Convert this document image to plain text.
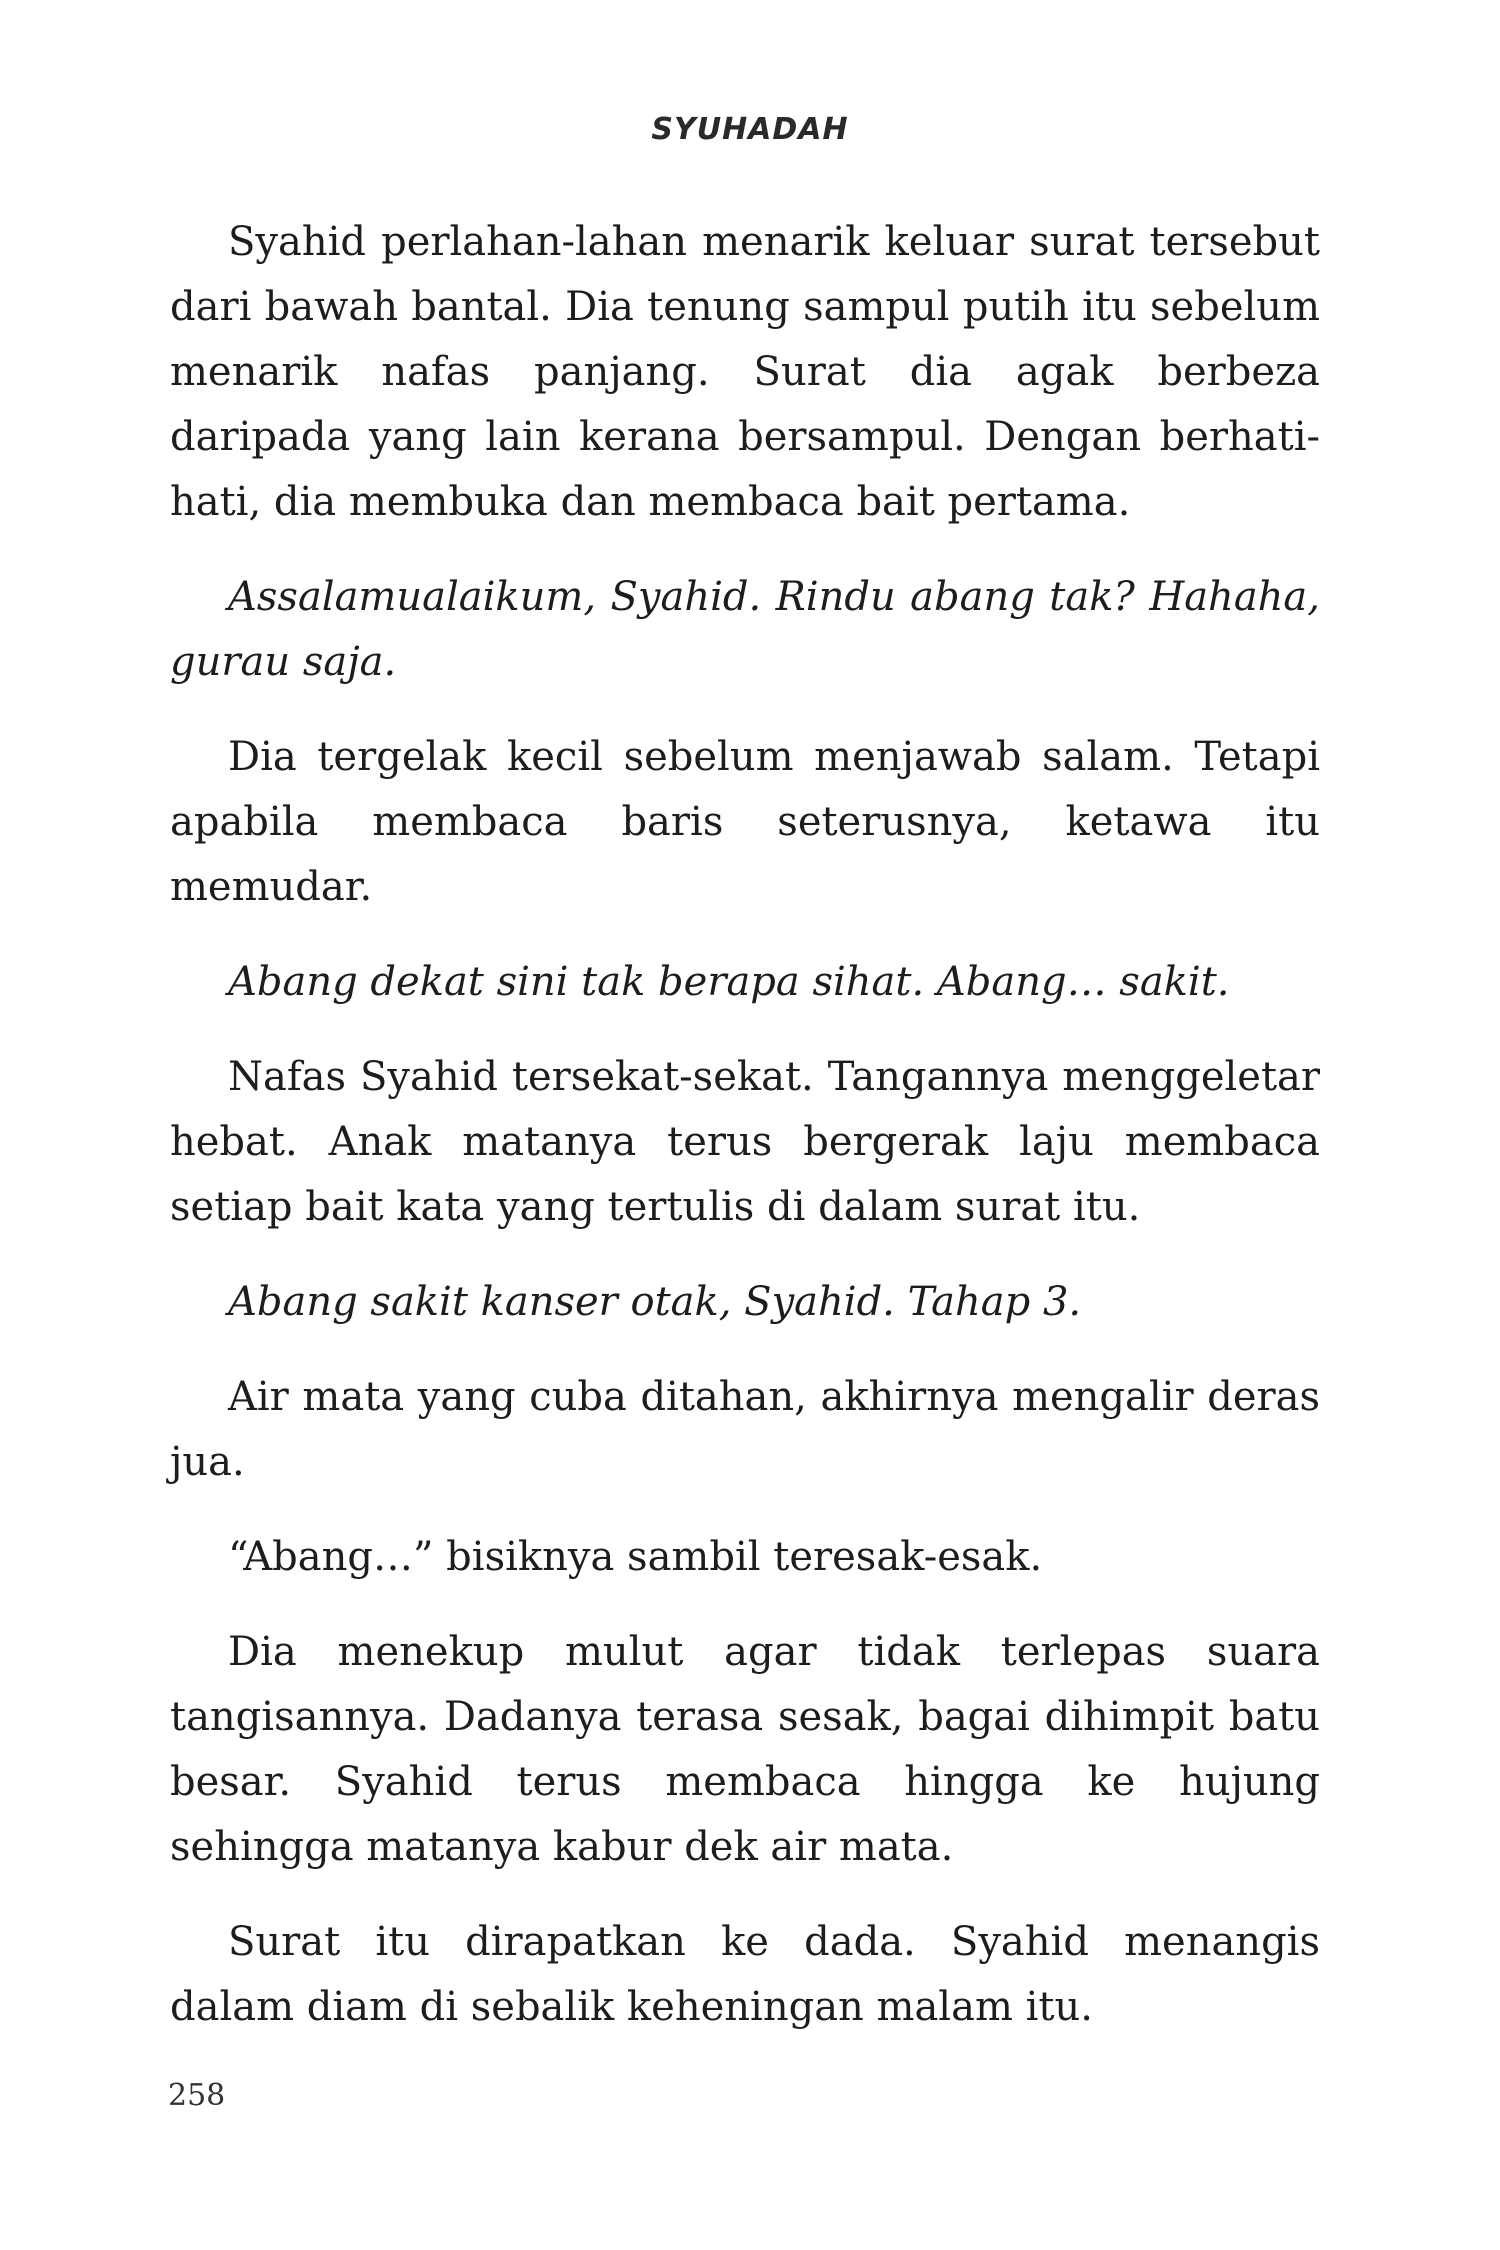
SYUHADAH

Syahid perlahan-lahan menarik keluar surat tersebut dari bawah bantal. Dia tenung sampul putih itu sebelum menarik nafas panjang. Surat dia agak berbeza daripada yang lain kerana bersampul. Dengan berhati-hati, dia membuka dan membaca bait pertama.

Assalamualaikum, Syahid. Rindu abang tak? Hahaha, gurau saja.

Dia tergelak kecil sebelum menjawab salam. Tetapi apabila membaca baris seterusnya, ketawa itu memudar.

Abang dekat sini tak berapa sihat. Abang… sakit.

Nafas Syahid tersekat-sekat. Tangannya menggeletar hebat. Anak matanya terus bergerak laju membaca setiap bait kata yang tertulis di dalam surat itu.

Abang sakit kanser otak, Syahid. Tahap 3.

Air mata yang cuba ditahan, akhirnya mengalir deras jua.

“Abang…” bisiknya sambil teresak-esak.

Dia menekup mulut agar tidak terlepas suara tangisannya. Dadanya terasa sesak, bagai dihimpit batu besar. Syahid terus membaca hingga ke hujung sehingga matanya kabur dek air mata.

Surat itu dirapatkan ke dada. Syahid menangis dalam diam di sebalik keheningan malam itu.

258
